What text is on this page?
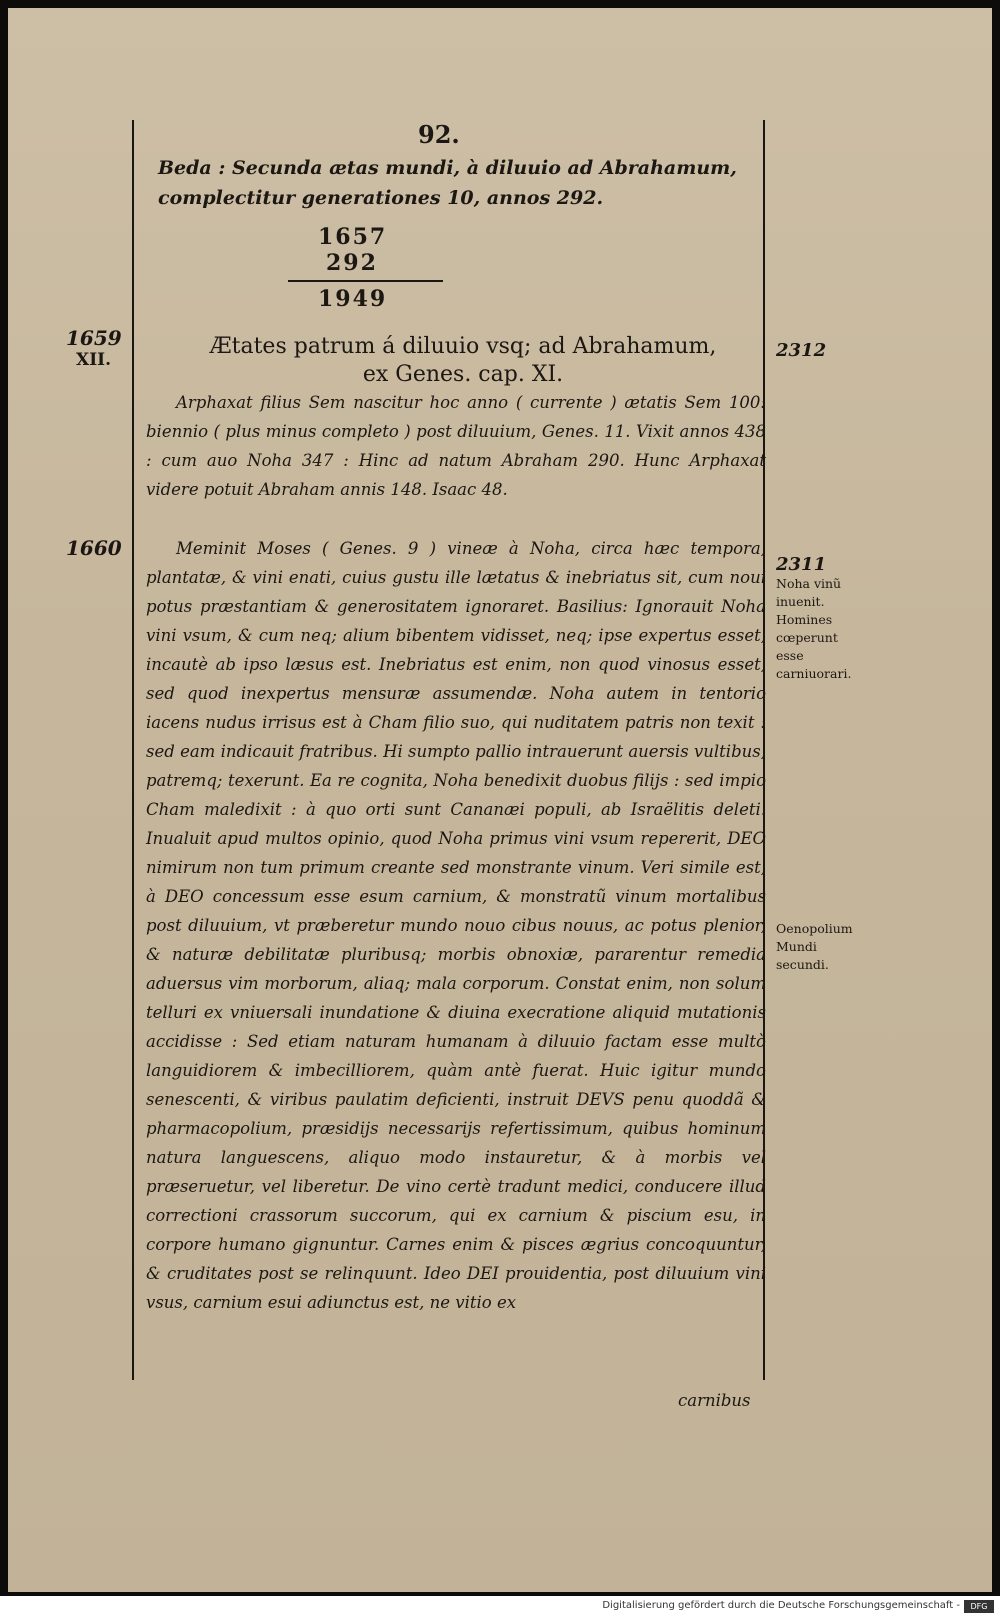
92.
Beda : Secunda ætas mundi, à diluuio ad Abrahamum, complectitur generationes 10, annos 292.
1657
292
1949
Ætates patrum á diluuio vsq; ad Abrahamum,
ex Genes. cap. XI.
1659
XII.
1660
2312
2311
Noha vinũ inuenit. Homines cœperunt esse carniuorari.
Oenopolium Mundi secundi.
Arphaxat filius Sem nascitur hoc anno ( currente ) ætatis Sem 100: biennio ( plus minus completo ) post diluuium, Genes. 11. Vixit annos 438 : cum auo Noha 347 : Hinc ad natum Abraham 290. Hunc Arphaxat videre potuit Abraham annis 148. Isaac 48.
Meminit Moses ( Genes. 9 ) vineæ à Noha, circa hæc tempora, plantatæ, & vini enati, cuius gustu ille lætatus & inebriatus sit, cum noui potus præstantiam & generositatem ignoraret. Basilius: Ignorauit Noha vini vsum, & cum neq; alium bibentem vidisset, neq; ipse expertus esset, incautè ab ipso læsus est. Inebriatus est enim, non quod vinosus esset, sed quod inexpertus mensuræ assumendæ. Noha autem in tentorio iacens nudus irrisus est à Cham filio suo, qui nuditatem patris non texit : sed eam indicauit fratribus. Hi sumpto pallio intrauerunt auersis vultibus, patremq; texerunt. Ea re cognita, Noha benedixit duobus filijs : sed impio Cham maledixit : à quo orti sunt Cananæi populi, ab Israëlitis deleti. Inualuit apud multos opinio, quod Noha primus vini vsum repererit, DEO nimirum non tum primum creante sed monstrante vinum. Veri simile est, à DEO concessum esse esum carnium, & monstratũ vinum mortalibus post diluuium, vt præberetur mundo nouo cibus nouus, ac potus plenior, & naturæ debilitatæ pluribusq; morbis obnoxiæ, pararentur remedia aduersus vim morborum, aliaq; mala corporum. Constat enim, non solum telluri ex vniuersali inundatione & diuina execratione aliquid mutationis accidisse : Sed etiam naturam humanam à diluuio factam esse multò languidiorem & imbecilliorem, quàm antè fuerat. Huic igitur mundo senescenti, & viribus paulatim deficienti, instruit DEVS penu quoddã & pharmacopolium, præsidijs necessarijs refertissimum, quibus hominum natura languescens, aliquo modo instauretur, & à morbis vel præseruetur, vel liberetur. De vino certè tradunt medici, conducere illud correctioni crassorum succorum, qui ex carnium & piscium esu, in corpore humano gignuntur. Carnes enim & pisces ægrius concoquuntur, & cruditates post se relinquunt. Ideo DEI prouidentia, post diluuium vini vsus, carnium esui adiunctus est, ne vitio ex
carnibus
Digitalisierung gefördert durch die Deutsche Forschungsgemeinschaft -	DFG
